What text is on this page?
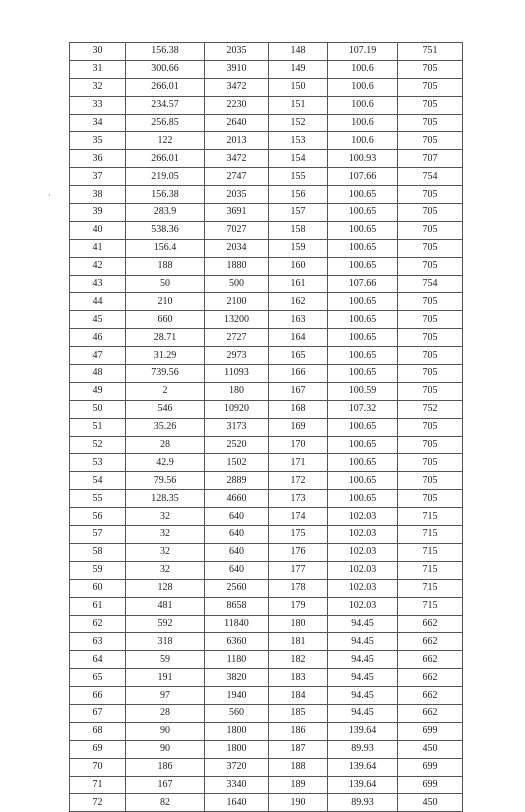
·
30	156.38	2035	148	107.19	751
31	300.66	3910	149	100.6	705
32	266.01	3472	150	100.6	705
33	234.57	2230	151	100.6	705
34	256.85	2640	152	100.6	705
35	122	2013	153	100.6	705
36	266.01	3472	154	100.93	707
37	219.05	2747	155	107.66	754
38	156.38	2035	156	100.65	705
39	283.9	3691	157	100.65	705
40	538.36	7027	158	100.65	705
41	156.4	2034	159	100.65	705
42	188	1880	160	100.65	705
43	50	500	161	107.66	754
44	210	2100	162	100.65	705
45	660	13200	163	100.65	705
46	28.71	2727	164	100.65	705
47	31.29	2973	165	100.65	705
48	739.56	11093	166	100.65	705
49	2	180	167	100.59	705
50	546	10920	168	107.32	752
51	35.26	3173	169	100.65	705
52	28	2520	170	100.65	705
53	42.9	1502	171	100.65	705
54	79.56	2889	172	100.65	705
55	128.35	4660	173	100.65	705
56	32	640	174	102.03	715
57	32	640	175	102.03	715
58	32	640	176	102.03	715
59	32	640	177	102.03	715
60	128	2560	178	102.03	715
61	481	8658	179	102.03	715
62	592	11840	180	94.45	662
63	318	6360	181	94.45	662
64	59	1180	182	94.45	662
65	191	3820	183	94.45	662
66	97	1940	184	94.45	662
67	28	560	185	94.45	662
68	90	1800	186	139.64	699
69	90	1800	187	89.93	450
70	186	3720	188	139.64	699
71	167	3340	189	139.64	699
72	82	1640	190	89.93	450
